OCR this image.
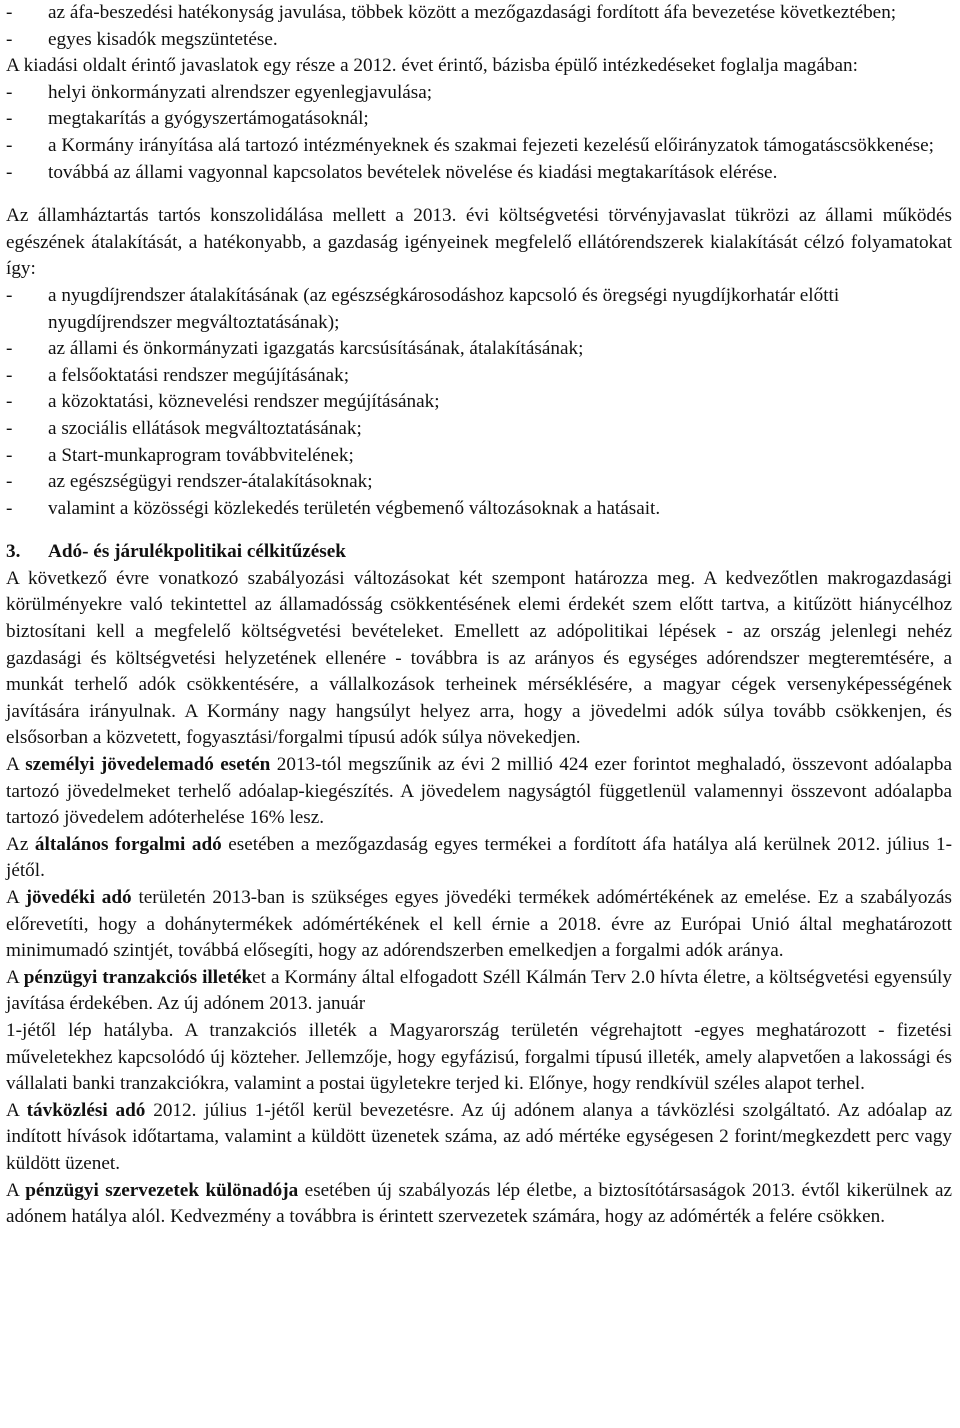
-	az áfa-beszedési hatékonyság javulása, többek között a mezőgazdasági fordított áfa bevezetése következtében;
-	egyes kisadók megszüntetése.

A kiadási oldalt érintő javaslatok egy része a 2012. évet érintő, bázisba épülő intézkedéseket foglalja magában:

-	helyi önkormányzati alrendszer egyenlegjavulása;
-	megtakarítás a gyógyszertámogatásoknál;
-	a Kormány irányítása alá tartozó intézményeknek és szakmai fejezeti kezelésű előirányzatok támogatáscsökkenése;
-	továbbá az állami vagyonnal kapcsolatos bevételek növelése és kiadási megtakarítások elérése.

Az államháztartás tartós konszolidálása mellett a 2013. évi költségvetési törvényjavaslat tükrözi az állami működés egészének átalakítását, a hatékonyabb, a gazdaság igényeinek megfelelő ellátórendszerek kialakítását célzó folyamatokat így:

-	a nyugdíjrendszer átalakításának (az egészségkárosodáshoz kapcsoló és öregségi nyugdíjkorhatár előtti nyugdíjrendszer megváltoztatásának);
-	az állami és önkormányzati igazgatás karcsúsításának, átalakításának;
-	a felsőoktatási rendszer megújításának;
-	a közoktatási, köznevelési rendszer megújításának;
-	a szociális ellátások megváltoztatásának;
-	a Start-munkaprogram továbbvitelének;
-	az egészségügyi rendszer-átalakításoknak;
-	valamint a közösségi közlekedés területén végbemenő változásoknak a hatásait.
3.	Adó- és járulékpolitikai célkitűzések

A következő évre vonatkozó szabályozási változásokat két szempont határozza meg. A kedvezőtlen makrogazdasági körülményekre való tekintettel az államadósság csökkentésének elemi érdekét szem előtt tartva, a kitűzött hiánycélhoz biztosítani kell a megfelelő költségvetési bevételeket. Emellett az adópolitikai lépések - az ország jelenlegi nehéz gazdasági és költségvetési helyzetének ellenére - továbbra is az arányos és egységes adórendszer megteremtésére, a munkát terhelő adók csökkentésére, a vállalkozások terheinek mérséklésére, a magyar cégek versenyképességének javítására irányulnak. A Kormány nagy hangsúlyt helyez arra, hogy a jövedelmi adók súlya tovább csökkenjen, és elsősorban a közvetett, fogyasztási/forgalmi típusú adók súlya növekedjen.

A személyi jövedelemadó esetén 2013-tól megszűnik az évi 2 millió 424 ezer forintot meghaladó, összevont adóalapba tartozó jövedelmeket terhelő adóalap-kiegészítés. A jövedelem nagyságtól függetlenül valamennyi összevont adóalapba tartozó jövedelem adóterhelése 16% lesz.

Az általános forgalmi adó esetében a mezőgazdaság egyes termékei a fordított áfa hatálya alá kerülnek 2012. július 1-jétől.

A jövedéki adó területén 2013-ban is szükséges egyes jövedéki termékek adómértékének az emelése. Ez a szabályozás előrevetíti, hogy a dohánytermékek adómértékének el kell érnie a 2018. évre az Európai Unió által meghatározott minimumadó szintjét, továbbá elősegíti, hogy az adórendszerben emelkedjen a forgalmi adók aránya.

A pénzügyi tranzakciós illetéket a Kormány által elfogadott Széll Kálmán Terv 2.0 hívta életre, a költségvetési egyensúly javítása érdekében. Az új adónem 2013. január

1-jétől lép hatályba. A tranzakciós illeték a Magyarország területén végrehajtott -egyes meghatározott - fizetési műveletekhez kapcsolódó új közteher. Jellemzője, hogy egyfázisú, forgalmi típusú illeték, amely alapvetően a lakossági és vállalati banki tranzakciókra, valamint a postai ügyletekre terjed ki. Előnye, hogy rendkívül széles alapot terhel.

A távközlési adó 2012. július 1-jétől kerül bevezetésre. Az új adónem alanya a távközlési szolgáltató. Az adóalap az indított hívások időtartama, valamint a küldött üzenetek száma, az adó mértéke egységesen 2 forint/megkezdett perc vagy küldött üzenet.

A pénzügyi szervezetek különadója esetében új szabályozás lép életbe, a biztosítótársaságok 2013. évtől kikerülnek az adónem hatálya alól. Kedvezmény a továbbra is érintett szervezetek számára, hogy az adómérték a felére csökken.
